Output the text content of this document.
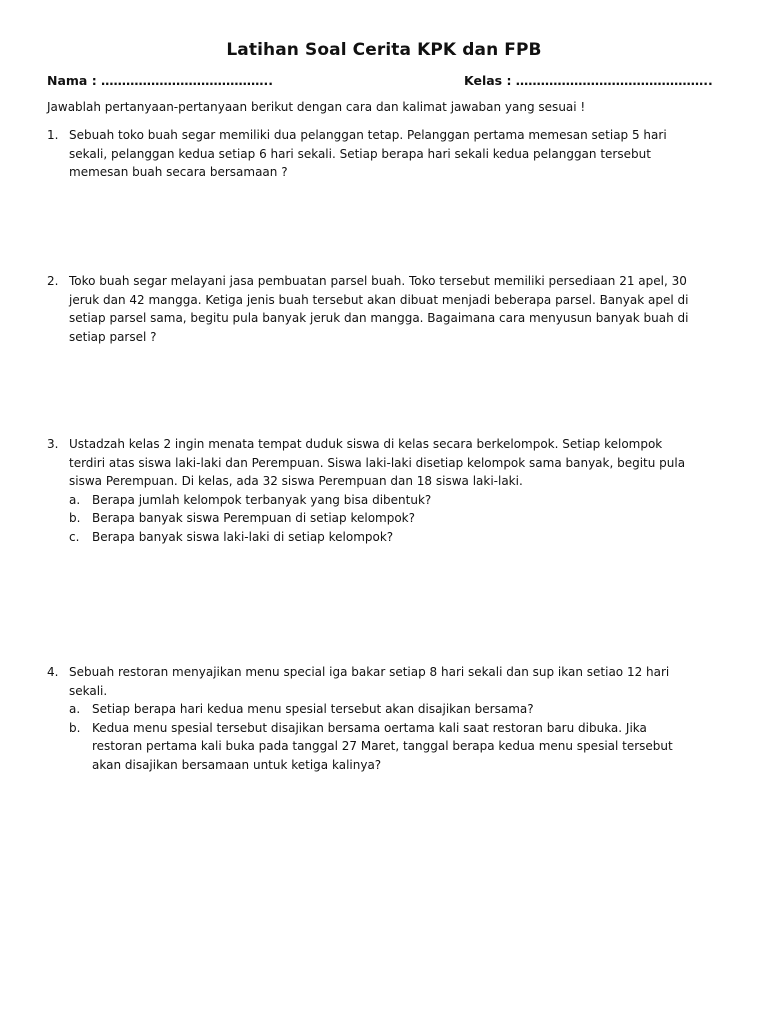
Latihan Soal Cerita KPK dan FPB
Nama : …………………………………..	Kelas : ………………………………………..
Jawablah pertanyaan-pertanyaan berikut dengan cara dan kalimat jawaban yang sesuai !
1. Sebuah toko buah segar memiliki dua pelanggan tetap. Pelanggan pertama memesan setiap 5 hari
sekali, pelanggan kedua setiap 6 hari sekali. Setiap berapa hari sekali kedua pelanggan tersebut
memesan buah secara bersamaan ?
2. Toko buah segar melayani jasa pembuatan parsel buah. Toko tersebut memiliki persediaan 21 apel, 30
jeruk dan 42 mangga. Ketiga jenis buah tersebut akan dibuat menjadi beberapa parsel. Banyak apel di
setiap parsel sama, begitu pula banyak jeruk dan mangga. Bagaimana cara menyusun banyak buah di
setiap parsel ?
3. Ustadzah kelas 2 ingin menata tempat duduk siswa di kelas secara berkelompok. Setiap kelompok
terdiri atas siswa laki-laki dan Perempuan. Siswa laki-laki disetiap kelompok sama banyak, begitu pula
siswa Perempuan. Di kelas, ada 32 siswa Perempuan dan 18 siswa laki-laki.
a. Berapa jumlah kelompok terbanyak yang bisa dibentuk?
b. Berapa banyak siswa Perempuan di setiap kelompok?
c.	Berapa banyak siswa laki-laki di setiap kelompok?
4. Sebuah restoran menyajikan menu special iga bakar setiap 8 hari sekali dan sup ikan setiao 12 hari
sekali.
a. Setiap berapa hari kedua menu spesial tersebut akan disajikan bersama?
b. Kedua menu spesial tersebut disajikan bersama oertama kali saat restoran baru dibuka. Jika
restoran pertama kali buka pada tanggal 27 Maret, tanggal berapa kedua menu spesial tersebut
akan disajikan bersamaan untuk ketiga kalinya?
